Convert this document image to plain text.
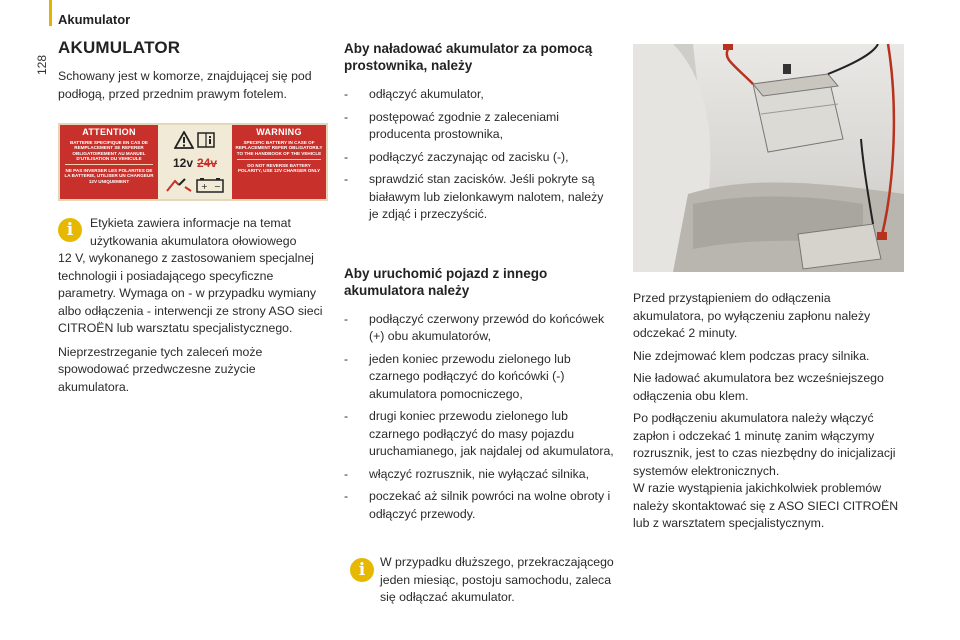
128
Akumulator
AKUMULATOR

Schowany jest w komorze, znajdującej się pod podłogą, przed przednim prawym fotelem.

ATTENTION
BATTERIE SPECIFIQUE EN CAS DE REMPLACEMENT SE REFERER OBLIGATOIREMENT AU MANUEL D'UTILISATION DU VEHICULE
NE PAS INVERSER LES POLARITES DE LA BATTERIE, UTILISER UN CHARGEUR 12V UNIQUEMENT
12v 24v
+ −
WARNING
SPECIFIC BATTERY IN CASE OF REPLACEMENT REFER OBLIGATORILY TO THE HANDBOOK OF THE VEHICLE
DO NOT REVERSE BATTERY POLARITY, USE 12V CHARGER ONLY
i Etykieta zawiera informacje na temat użytkowania akumulatora ołowiowego

12 V, wykonanego z zastosowaniem specjalnej technologii i posiadającego specyficzne parametry. Wymaga on - w przypadku wymiany albo odłączenia - interwencji ze strony ASO sieci CITROËN lub warsztatu specjalistycznego.

Nieprzestrzeganie tych zaleceń może spowodować przedwczesne zużycie akumulatora.

Aby naładować akumulator za pomocą prostownika, należy
- odłączyć akumulator,
- postępować zgodnie z zaleceniami producenta prostownika,
- podłączyć zaczynając od zacisku (-),
- sprawdzić stan zacisków. Jeśli pokryte są białawym lub zielonkawym nalotem, należy je zdjąć i przeczyścić.
Aby uruchomić pojazd z innego akumulatora należy
- podłączyć czerwony przewód do końcówek (+) obu akumulatorów,
- jeden koniec przewodu zielonego lub czarnego podłączyć do końcówki (-) akumulatora pomocniczego,
- drugi koniec przewodu zielonego lub czarnego podłączyć do masy pojazdu uruchamianego, jak najdalej od akumulatora,
- włączyć rozrusznik, nie wyłączać silnika,
- poczekać aż silnik powróci na wolne obroty i odłączyć przewody.
i W przypadku dłuższego, przekraczającego jeden miesiąc, postoju samochodu, zaleca się odłączać akumulator.

Przed przystąpieniem do odłączenia akumulatora, po wyłączeniu zapłonu należy odczekać 2 minuty.

Nie zdejmować klem podczas pracy silnika.

Nie ładować akumulatora bez wcześniejszego odłączenia obu klem.

Po podłączeniu akumulatora należy włączyć zapłon i odczekać 1 minutę zanim włączymy rozrusznik, jest to czas niezbędny do inicjalizacji systemów elektronicznych.

W razie wystąpienia jakichkolwiek problemów należy skontaktować się z ASO SIECI CITROËN lub z warsztatem specjalistycznym.
